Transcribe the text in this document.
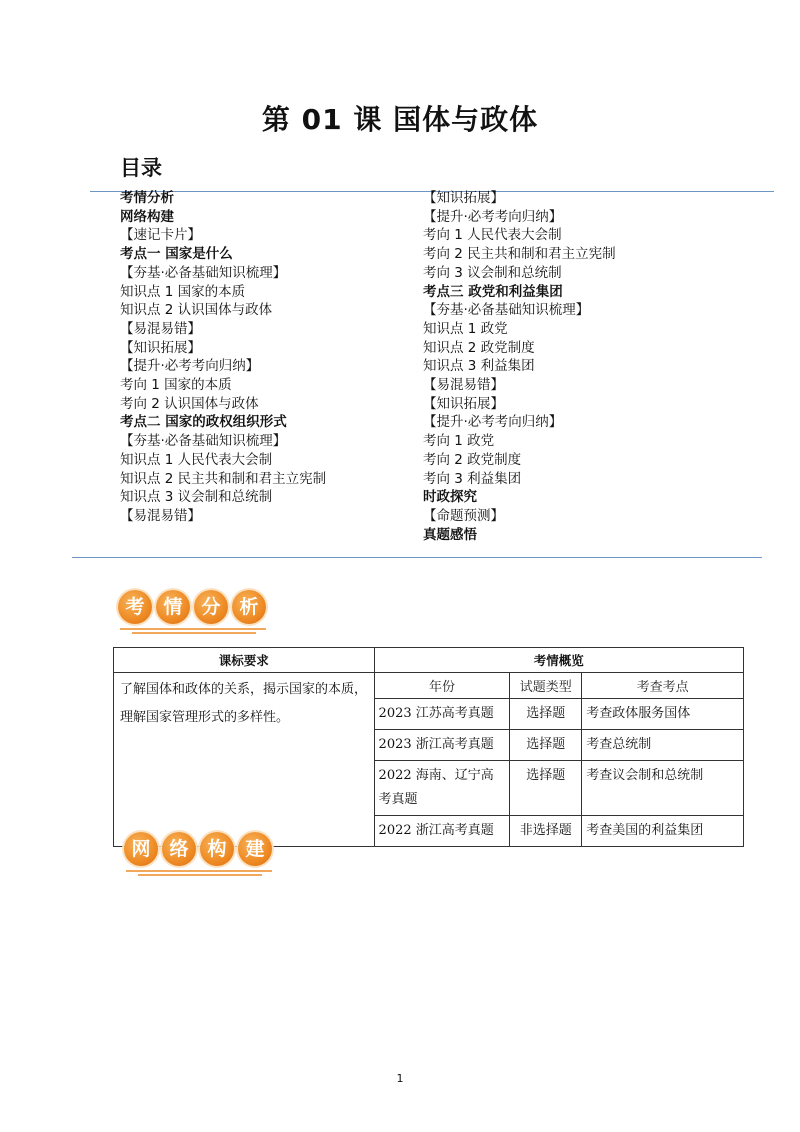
第 01 课 国体与政体
目录
考情分析
网络构建
【速记卡片】
考点一 国家是什么
【夯基·必备基础知识梳理】
知识点 1 国家的本质
知识点 2 认识国体与政体
【易混易错】
【知识拓展】
【提升·必考考向归纳】
考向 1 国家的本质
考向 2 认识国体与政体
考点二 国家的政权组织形式
【夯基·必备基础知识梳理】
知识点 1 人民代表大会制
知识点 2 民主共和制和君主立宪制
知识点 3 议会制和总统制
【易混易错】
【知识拓展】
【提升·必考考向归纳】
考向 1 人民代表大会制
考向 2 民主共和制和君主立宪制
考向 3 议会制和总统制
考点三 政党和利益集团
【夯基·必备基础知识梳理】
知识点 1 政党
知识点 2 政党制度
知识点 3 利益集团
【易混易错】
【知识拓展】
【提升·必考考向归纳】
考向 1 政党
考向 2 政党制度
考向 3 利益集团
时政探究
【命题预测】
真题感悟
考 情 分 析
课标要求	考情概览		
了解国体和政体的关系，揭示国家的本质，理解国家管理形式的多样性。	年份	试题类型	考查考点
	2023 江苏高考真题	选择题	考查政体服务国体
	2023 浙江高考真题	选择题	考查总统制
	2022 海南、辽宁高考真题	选择题	考查议会制和总统制
	2022 浙江高考真题	非选择题	考查美国的利益集团
网 络 构 建
1
